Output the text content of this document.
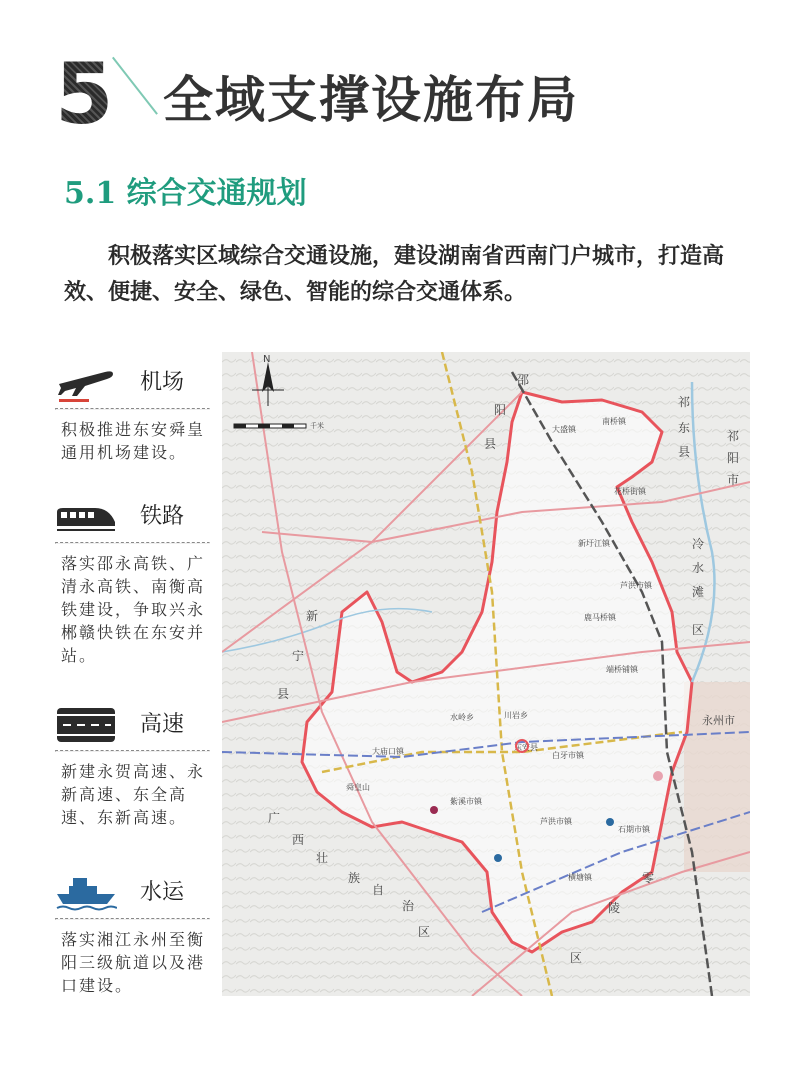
5 全域支撑设施布局
5.1 综合交通规划

积极落实区域综合交通设施，建设湖南省西南门户城市，打造高效、便捷、安全、绿色、智能的综合交通体系。

机场

积极推进东安舜皇通用机场建设。

铁路

落实邵永高铁、广清永高铁、南衡高铁建设，争取兴永郴赣快铁在东安并站。

高速

新建永贺高速、永新高速、东全高速、东新高速。

水运

落实湘江永州至衡阳三级航道以及港口建设。

N
千米
邵
阳
县
祁
东
县
祁
阳
市
冷
水
滩
区
新
宁
县
广
西
壮
族
自
治
区
零
陵
区
永州市
南桥镇
大盛镇
花桥街镇
新圩江镇
芦洪市镇
鹿马桥镇
端桥铺镇
水岭乡	川岩乡
东安县
白牙市镇
大庙口镇
舜皇山
紫溪市镇
石期市镇
横塘镇
芦洪市镇
